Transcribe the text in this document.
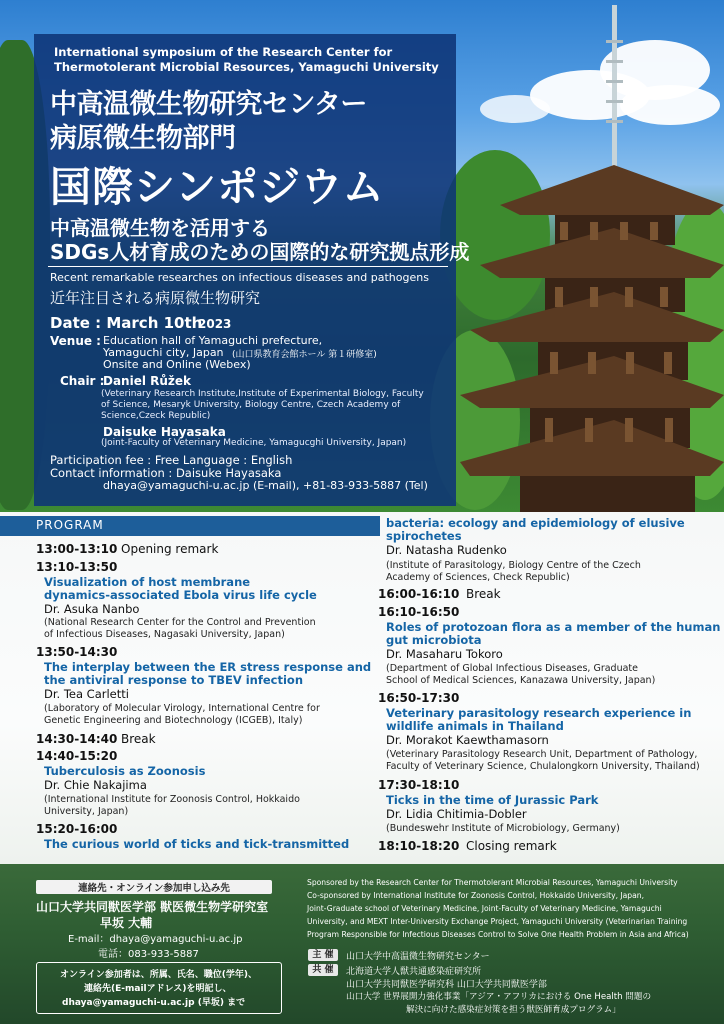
International symposium of the Research Center for
Thermotolerant Microbial Resources, Yamaguchi University
中高温微生物研究センター
病原微生物部門
国際シンポジウム
中高温微生物を活用する
SDGs人材育成のための国際的な研究拠点形成
Recent remarkable researches on infectious diseases and pathogens
近年注目される病原微生物研究
Date : March 10th
2023
Venue : Education hall of Yamaguchi prefecture,
Yamaguchi city, Japan (山口県教育会館ホール 第１研修室)
Onsite and Online (Webex)
Chair :
Daniel Růžek
(Veterinary Research Institute,Institute of Experimental Biology, Faculty
of Science, Mesaryk University, Biology Centre, Czech Academy of
Science,Czeck Republic)
Daisuke Hayasaka
(Joint-Faculty of Veterinary Medicine, Yamagucghi University, Japan)
Participation fee : Free Language : English
Contact information : Daisuke Hayasaka
dhaya@yamaguchi-u.ac.jp (E-mail), +81-83-933-5887 (Tel)
PROGRAM
13:00-13:10 Opening remark
13:10-13:50
Visualization of host membrane
dynamics-associated Ebola virus life cycle
Dr. Asuka Nanbo
(National Research Center for the Control and Prevention
of Infectious Diseases, Nagasaki University, Japan)
13:50-14:30
The interplay between the ER stress response and
the antiviral response to TBEV infection
Dr. Tea Carletti
(Laboratory of Molecular Virology, International Centre for
Genetic Engineering and Biotechnology (ICGEB), Italy)
14:30-14:40 Break
14:40-15:20
Tuberculosis as Zoonosis
Dr. Chie Nakajima
(International Institute for Zoonosis Control, Hokkaido
University, Japan)
15:20-16:00
The curious world of ticks and tick-transmitted
bacteria: ecology and epidemiology of elusive
spirochetes
Dr. Natasha Rudenko
(Institute of Parasitology, Biology Centre of the Czech
Academy of Sciences, Check Republic)
16:00-16:10 Break
16:10-16:50
Roles of protozoan flora as a member of the human
gut microbiota
Dr. Masaharu Tokoro
(Department of Global Infectious Diseases, Graduate
School of Medical Sciences, Kanazawa University, Japan)
16:50-17:30
Veterinary parasitology research experience in
wildlife animals in Thailand
Dr. Morakot Kaewthamasorn
(Veterinary Parasitology Research Unit, Department of Pathology,
Faculty of Veterinary Science, Chulalongkorn University, Thailand)
17:30-18:10
Ticks in the time of Jurassic Park
Dr. Lidia Chitimia-Dobler
(Bundeswehr Institute of Microbiology, Germany)
18:10-18:20 Closing remark
連絡先・オンライン参加申し込み先
山口大学共同獣医学部 獣医微生物学研究室
早坂 大輔
E-mail：dhaya@yamaguchi-u.ac.jp
電話：083-933-5887
オンライン参加者は、所属、氏名、職位(学年)、
連絡先(E-mailアドレス)を明記し、
dhaya@yamaguchi-u.ac.jp (早坂) まで
Sponsored by the Research Center for Thermotolerant Microbial Resources, Yamaguchi University
Co-sponsored by International Institute for Zoonosis Control, Hokkaido University, Japan,
Joint-Graduate school of Veterinary Medicine, Joint-Faculty of Veterinary Medicine, Yamaguchi
University, and MEXT Inter-University Exchange Project, Yamaguchi University (Veterinarian Training
Program Responsible for Infectious Diseases Control to Solve One Health Problem in Asia and Africa)
主 催	山口大学中高温微生物研究センター
共 催	北海道大学人獣共通感染症研究所
山口大学共同獣医学研究科 山口大学共同獣医学部
山口大学 世界展開力強化事業「アジア・アフリカにおける One Health 問題の
解決に向けた感染症対策を担う獣医師育成プログラム」
